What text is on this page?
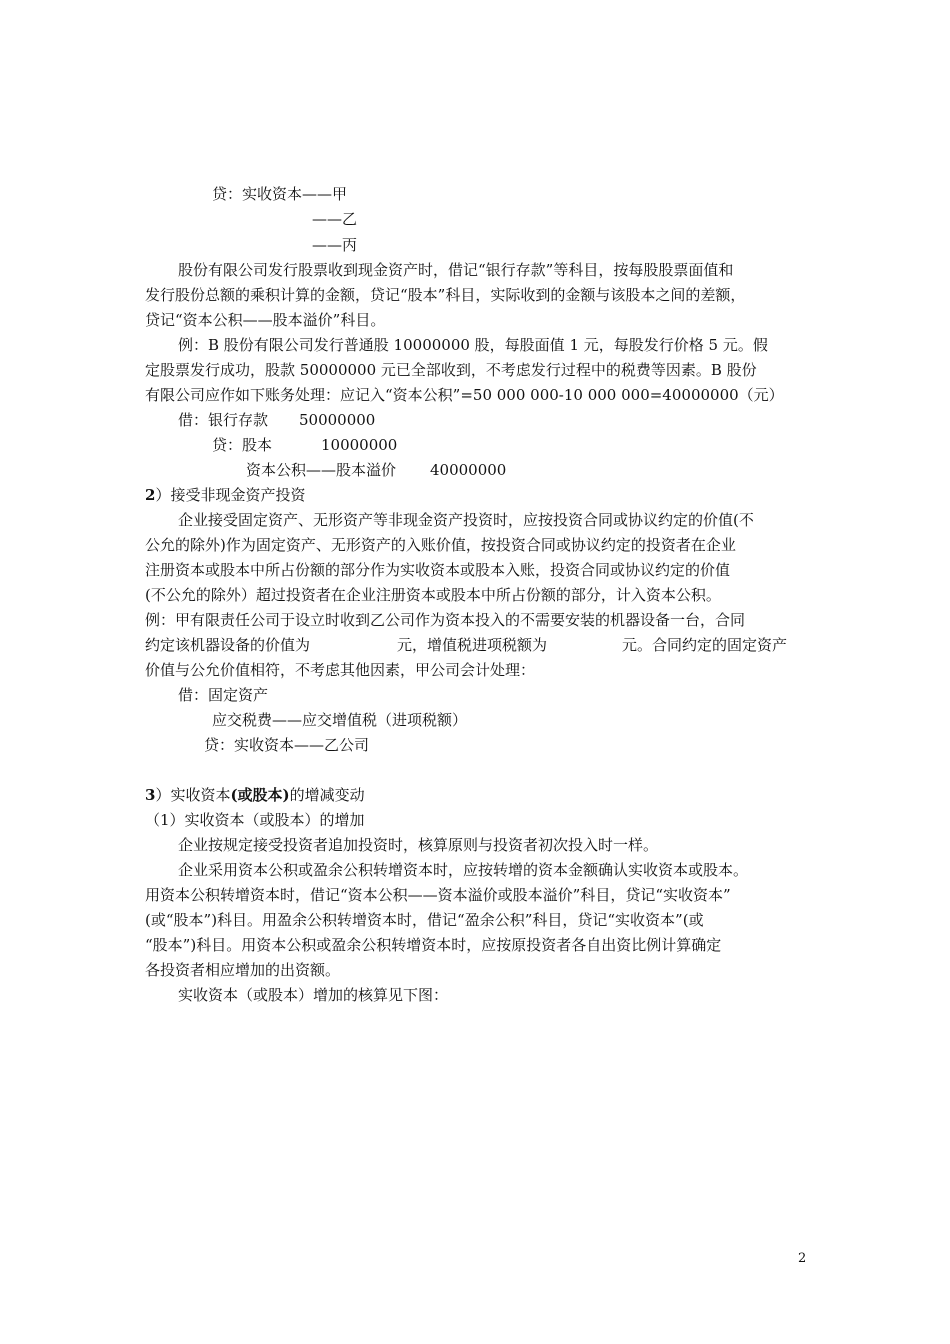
贷：实收资本——甲

——乙

——丙

股份有限公司发行股票收到现金资产时，借记“银行存款”等科目，按每股股票面值和

发行股份总额的乘积计算的金额，贷记“股本”科目，实际收到的金额与该股本之间的差额，

贷记“资本公积——股本溢价”科目。

例：B 股份有限公司发行普通股 10000000 股，每股面值 1 元，每股发行价格 5 元。假

定股票发行成功，股款 50000000 元已全部收到，不考虑发行过程中的税费等因素。B 股份

有限公司应作如下账务处理：应记入“资本公积”=50 000 000-10 000 000=40000000（元）

借：银行存款 50000000

贷：股本	10000000

资本公积——股本溢价 40000000

2）接受非现金资产投资

企业接受固定资产、无形资产等非现金资产投资时，应按投资合同或协议约定的价值(不

公允的除外)作为固定资产、无形资产的入账价值，按投资合同或协议约定的投资者在企业

注册资本或股本中所占份额的部分作为实收资本或股本入账，投资合同或协议约定的价值

(不公允的除外）超过投资者在企业注册资本或股本中所占份额的部分，计入资本公积。

例：甲有限责任公司于设立时收到乙公司作为资本投入的不需要安装的机器设备一台，合同

约定该机器设备的价值为	元，增值税进项税额为	元。合同约定的固定资产

价值与公允价值相符，不考虑其他因素，甲公司会计处理：

借：固定资产

应交税费——应交增值税（进项税额）

贷：实收资本——乙公司

3）实收资本(或股本)的增减变动

（1）实收资本（或股本）的增加

企业按规定接受投资者追加投资时，核算原则与投资者初次投入时一样。

企业采用资本公积或盈余公积转增资本时，应按转增的资本金额确认实收资本或股本。

用资本公积转增资本时，借记“资本公积——资本溢价或股本溢价”科目，贷记“实收资本”

(或“股本”)科目。用盈余公积转增资本时，借记“盈余公积”科目，贷记“实收资本”(或

“股本”)科目。用资本公积或盈余公积转增资本时，应按原投资者各自出资比例计算确定

各投资者相应增加的出资额。

实收资本（或股本）增加的核算见下图：

2
